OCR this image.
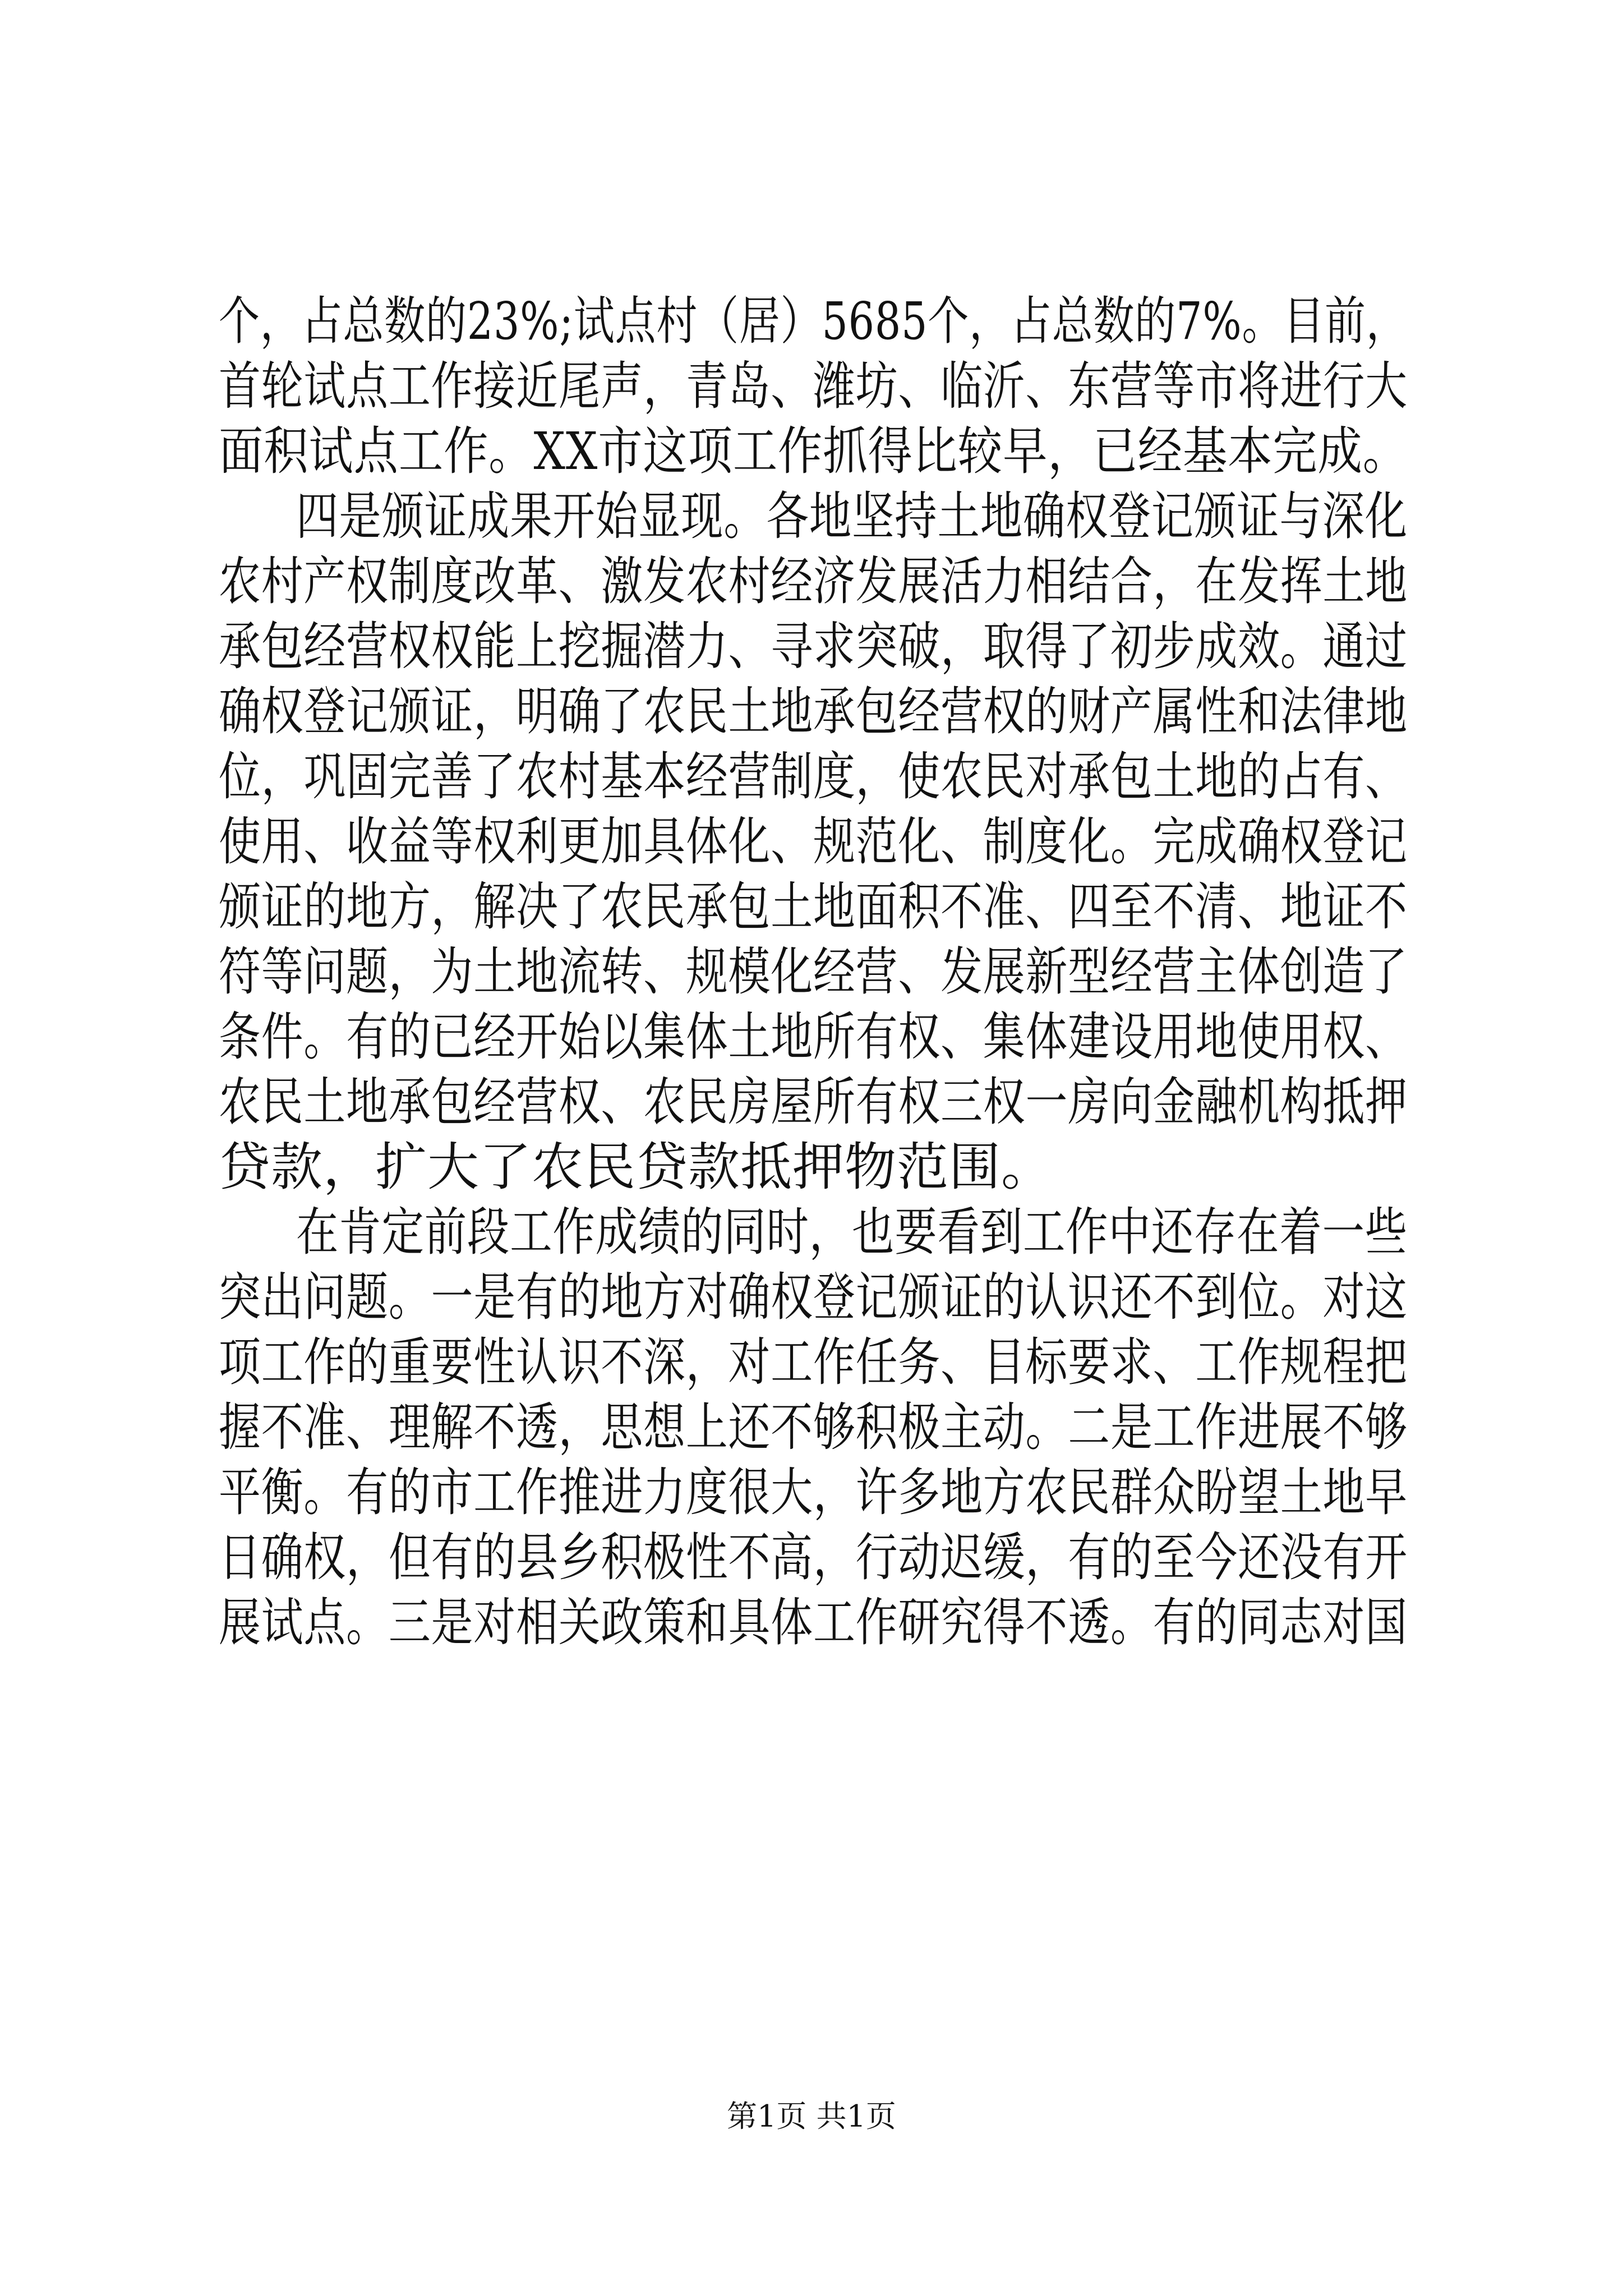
个，占总数的23%;试点村（居）5685个，占总数的7%。目前，
首轮试点工作接近尾声，青岛、潍坊、临沂、东营等市将进行大
面积试点工作。XX市这项工作抓得比较早，已经基本完成。
四是颁证成果开始显现。各地坚持土地确权登记颁证与深化
农村产权制度改革、激发农村经济发展活力相结合，在发挥土地
承包经营权权能上挖掘潜力、寻求突破，取得了初步成效。通过
确权登记颁证，明确了农民土地承包经营权的财产属性和法律地
位，巩固完善了农村基本经营制度，使农民对承包土地的占有、
使用、收益等权利更加具体化、规范化、制度化。完成确权登记
颁证的地方，解决了农民承包土地面积不准、四至不清、地证不
符等问题，为土地流转、规模化经营、发展新型经营主体创造了
条件。有的已经开始以集体土地所有权、集体建设用地使用权、
农民土地承包经营权、农民房屋所有权三权一房向金融机构抵押
贷款，扩大了农民贷款抵押物范围。
在肯定前段工作成绩的同时，也要看到工作中还存在着一些
突出问题。一是有的地方对确权登记颁证的认识还不到位。对这
项工作的重要性认识不深，对工作任务、目标要求、工作规程把
握不准、理解不透，思想上还不够积极主动。二是工作进展不够
平衡。有的市工作推进力度很大，许多地方农民群众盼望土地早
日确权，但有的县乡积极性不高，行动迟缓，有的至今还没有开
展试点。三是对相关政策和具体工作研究得不透。有的同志对国
第1页 共1页
